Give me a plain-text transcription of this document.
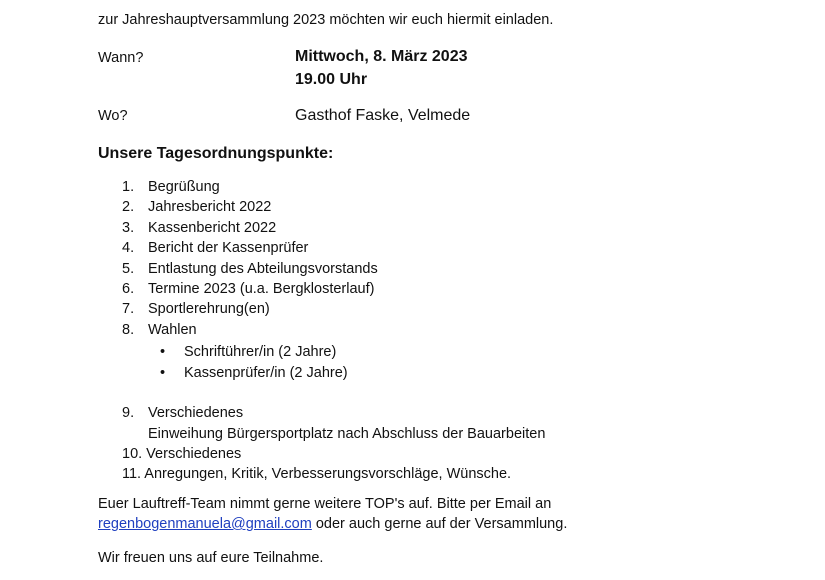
zur Jahreshauptversammlung 2023 möchten wir euch hiermit einladen.
Wann?	Mittwoch, 8. März 2023
19.00 Uhr
Wo?	Gasthof Faske, Velmede
Unsere Tagesordnungspunkte:
1. Begrüßung
2. Jahresbericht 2022
3. Kassenbericht 2022
4. Bericht der Kassenprüfer
5. Entlastung des Abteilungsvorstands
6. Termine 2023 (u.a. Bergklosterlauf)
7. Sportlerehrung(en)
8. Wahlen
• Schriftührer/in (2 Jahre)
• Kassenprüfer/in (2 Jahre)
9. Verschiedenes
Einweihung Bürgersportplatz nach Abschluss der Bauarbeiten
10. Verschiedenes
11. Anregungen, Kritik, Verbesserungsvorschläge, Wünsche.
Euer Lauftreff-Team nimmt gerne weitere TOP's auf. Bitte per Email an
regenbogenmanuela@gmail.com oder auch gerne auf der Versammlung.
Wir freuen uns auf eure Teilnahme.
